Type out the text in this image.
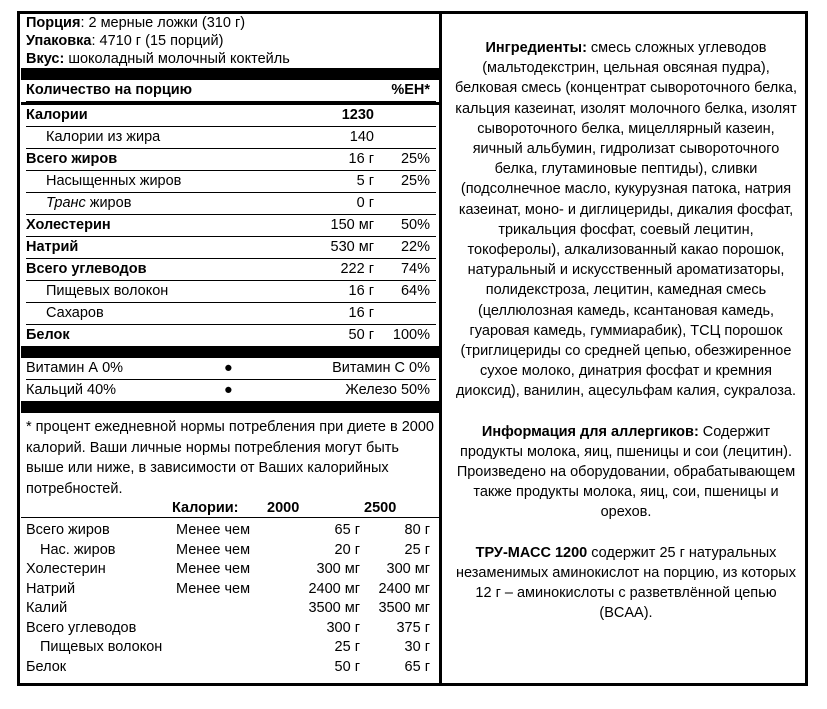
Порция: 2 мерные ложки (310 г)
Упаковка: 4710 г (15 порций)
Вкус: шоколадный молочный коктейль
Количество на порцию	%ЕН*
Калории	1230
Калории из жира	140
Всего жиров	16 г 25%
Насыщенных жиров	5 г 25%
Транс жиров	0 г
Холестерин	150 мг 50%
Натрий	530 мг 22%
Всего углеводов	222 г 74%
Пищевых волокон	16 г 64%
Сахаров	16 г
Белок	50 г 100%
Витамин А 0%	●	Витамин С 0%
Кальций 40%	●	Железо 50%
* процент ежедневной нормы потребления при диете в 2000 калорий. Ваши личные нормы потребления могут быть выше или ниже, в зависимости от Ваших калорийных потребностей.
Калории: 2000	2500
Всего жиров	Менее чем	65 г	80 г
Нас. жиров	Менее чем	20 г	25 г
Холестерин	Менее чем	300 мг 300 мг
Натрий	Менее чем	2400 мг 2400 мг
Калий	3500 мг 3500 мг
Всего углеводов	300 г	375 г
Пищевых волокон	25 г	30 г
Белок	50 г	65 г
Ингредиенты: смесь сложных углеводов (мальтодекстрин, цельная овсяная пудра), белковая смесь (концентрат сывороточного белка, кальция казеинат, изолят молочного белка, изолят сывороточного белка, мицеллярный казеин, яичный альбумин, гидролизат сывороточного белка, глутаминовые пептиды), сливки (подсолнечное масло, кукурузная патока, натрия казеинат, моно- и диглицериды, дикалия фосфат, трикальция фосфат, соевый лецитин, токоферолы), алкализованный какао порошок, натуральный и искусственный ароматизаторы, полидекстроза, лецитин, камедная смесь (целлюлозная камедь, ксантановая камедь, гуаровая камедь, гуммиарабик), ТСЦ порошок (триглицериды со средней цепью, обезжиренное сухое молоко, динатрия фосфат и кремния диоксид), ванилин, ацесульфам калия, сукралоза.
Информация для аллергиков: Содержит продукты молока, яиц, пшеницы и сои (лецитин). Произведено на оборудовании, обрабатывающем также продукты молока, яиц, сои, пшеницы и орехов.
ТРУ-МАСС 1200 содержит 25 г натуральных незаменимых аминокислот на порцию, из которых 12 г – аминокислоты с разветвлённой цепью (BCAA).
